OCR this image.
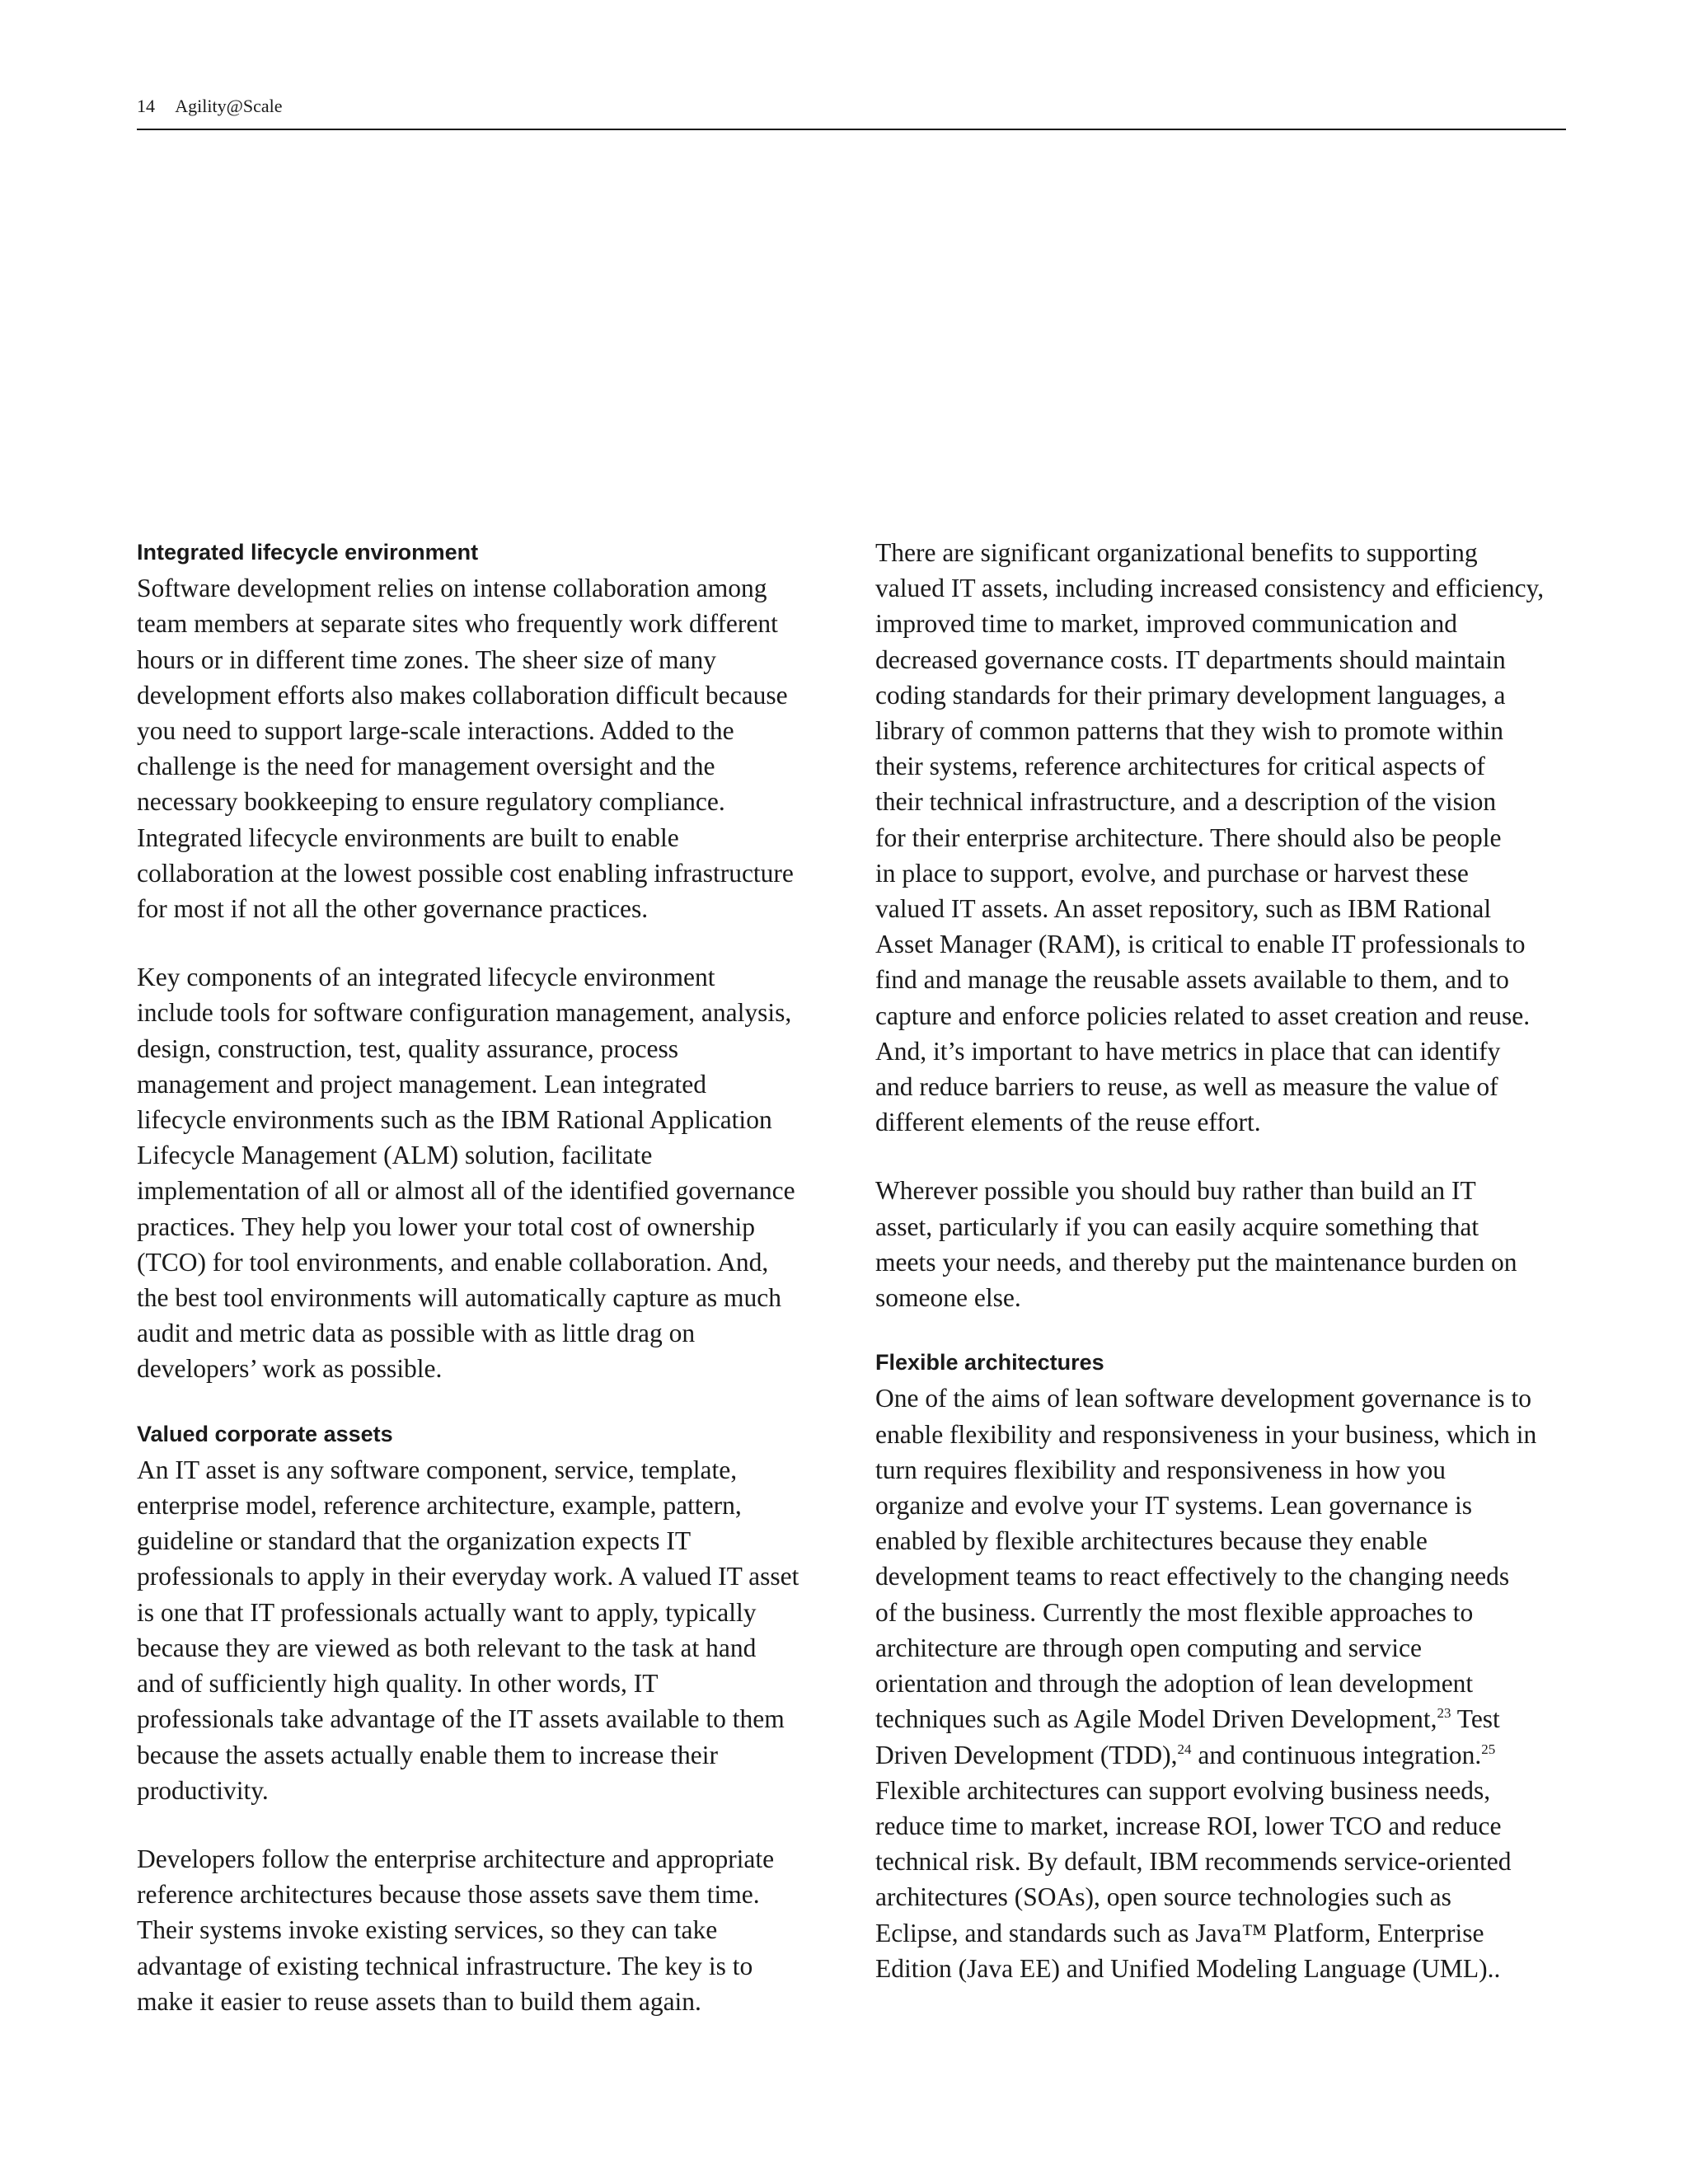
14 Agility@Scale
Integrated lifecycle environment

Software development relies on intense collaboration among
team members at separate sites who frequently work different
hours or in different time zones. The sheer size of many
development efforts also makes collaboration difficult because
you need to support large-scale interactions. Added to the
challenge is the need for management oversight and the
necessary bookkeeping to ensure regulatory compliance.
Integrated lifecycle environments are built to enable
collaboration at the lowest possible cost enabling infrastructure
for most if not all the other governance practices.

Key components of an integrated lifecycle environment
include tools for software configuration management, analysis,
design, construction, test, quality assurance, process
management and project management. Lean integrated
lifecycle environments such as the IBM Rational Application
Lifecycle Management (ALM) solution, facilitate
implementation of all or almost all of the identified governance
practices. They help you lower your total cost of ownership
(TCO) for tool environments, and enable collaboration. And,
the best tool environments will automatically capture as much
audit and metric data as possible with as little drag on
developers’ work as possible.

Valued corporate assets

An IT asset is any software component, service, template,
enterprise model, reference architecture, example, pattern,
guideline or standard that the organization expects IT
professionals to apply in their everyday work. A valued IT asset
is one that IT professionals actually want to apply, typically
because they are viewed as both relevant to the task at hand
and of sufficiently high quality. In other words, IT
professionals take advantage of the IT assets available to them
because the assets actually enable them to increase their
productivity.

Developers follow the enterprise architecture and appropriate
reference architectures because those assets save them time.
Their systems invoke existing services, so they can take
advantage of existing technical infrastructure. The key is to
make it easier to reuse assets than to build them again.

There are significant organizational benefits to supporting
valued IT assets, including increased consistency and efficiency,
improved time to market, improved communication and
decreased governance costs. IT departments should maintain
coding standards for their primary development languages, a
library of common patterns that they wish to promote within
their systems, reference architectures for critical aspects of
their technical infrastructure, and a description of the vision
for their enterprise architecture. There should also be people
in place to support, evolve, and purchase or harvest these
valued IT assets. An asset repository, such as IBM Rational
Asset Manager (RAM), is critical to enable IT professionals to
find and manage the reusable assets available to them, and to
capture and enforce policies related to asset creation and reuse.
And, it’s important to have metrics in place that can identify
and reduce barriers to reuse, as well as measure the value of
different elements of the reuse effort.

Wherever possible you should buy rather than build an IT
asset, particularly if you can easily acquire something that
meets your needs, and thereby put the maintenance burden on
someone else.

Flexible architectures

One of the aims of lean software development governance is to
enable flexibility and responsiveness in your business, which in
turn requires flexibility and responsiveness in how you
organize and evolve your IT systems. Lean governance is
enabled by flexible architectures because they enable
development teams to react effectively to the changing needs
of the business. Currently the most flexible approaches to
architecture are through open computing and service
orientation and through the adoption of lean development
techniques such as Agile Model Driven Development,$^{23}$ Test
Driven Development (TDD),$^{24}$ and continuous integration.$^{25}$
Flexible architectures can support evolving business needs,
reduce time to market, increase ROI, lower TCO and reduce
technical risk. By default, IBM recommends service-oriented
architectures (SOAs), open source technologies such as
Eclipse, and standards such as Java™ Platform, Enterprise
Edition (Java EE) and Unified Modeling Language (UML)..
